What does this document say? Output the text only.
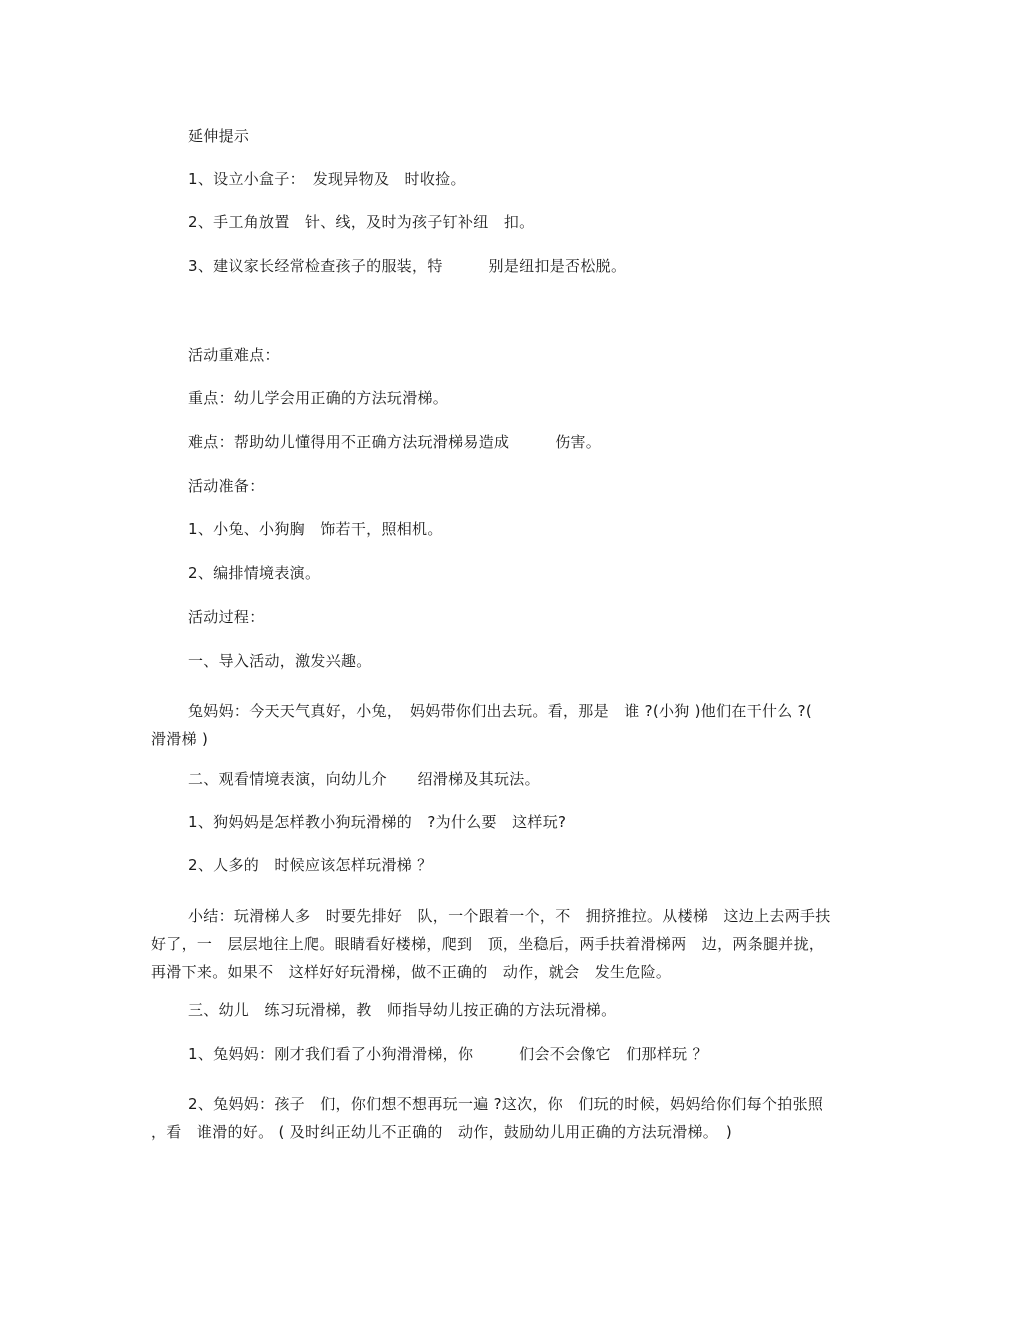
延伸提示
1、设立小盒子：　发现异物及　时收捡。
2、手工角放置　针、线，及时为孩子钉补纽　扣。
3、建议家长经常检查孩子的服装，特　　　别是纽扣是否松脱。
活动重难点：
重点：幼儿学会用正确的方法玩滑梯。
难点：帮助幼儿懂得用不正确方法玩滑梯易造成　　　伤害。
活动准备：
1、小兔、小狗胸　饰若干，照相机。
2、编排情境表演。
活动过程：
一、导入活动，激发兴趣。
兔妈妈：今天天气真好，小兔，　妈妈带你们出去玩。看，那是　谁 ?(小狗 )他们在干什么 ?(
滑滑梯 )
二、观看情境表演，向幼儿介　　绍滑梯及其玩法。
1、狗妈妈是怎样教小狗玩滑梯的　?为什么要　这样玩?
2、人多的　时候应该怎样玩滑梯 ？
小结：玩滑梯人多　时要先排好　队，一个跟着一个，不　拥挤推拉。从楼梯　这边上去两手扶
好了，一　层层地往上爬。眼睛看好楼梯，爬到　顶，坐稳后，两手扶着滑梯两　边，两条腿并拢，
再滑下来。如果不　这样好好玩滑梯，做不正确的　动作，就会　发生危险。
三、幼儿　练习玩滑梯，教　师指导幼儿按正确的方法玩滑梯。
1、兔妈妈：刚才我们看了小狗滑滑梯，你　　　们会不会像它　们那样玩 ？
2、兔妈妈：孩子　们，你们想不想再玩一遍 ?这次，你　们玩的时候，妈妈给你们每个拍张照
，看　谁滑的好。 ( 及时纠正幼儿不正确的　动作，鼓励幼儿用正确的方法玩滑梯。　)
